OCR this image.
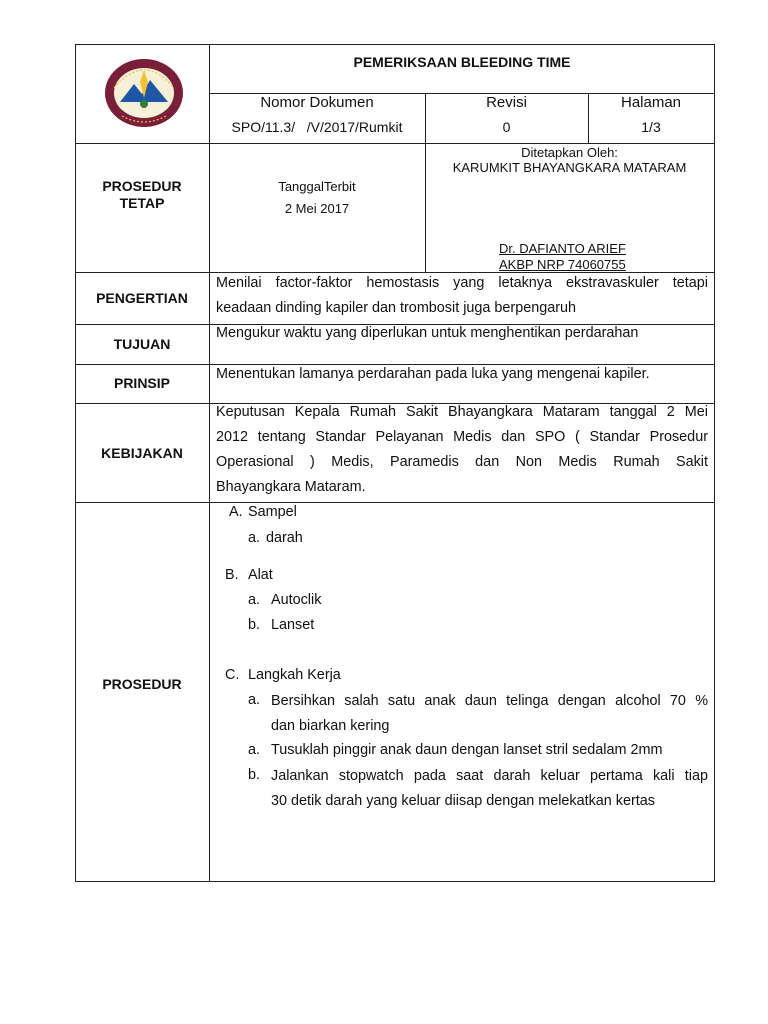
PEMERIKSAAN BLEEDING TIME
Nomor Dokumen
SPO/11.3/   /V/2017/Rumkit
Revisi
0
Halaman
1/3
PROSEDUR
TETAP
TanggalTerbit
2 Mei 2017
Ditetapkan Oleh:
KARUMKIT BHAYANGKARA MATARAM
Dr. DAFIANTO ARIEF
AKBP NRP 74060755
PENGERTIAN
Menilai factor-faktor hemostasis yang letaknya ekstravaskuler tetapi
keadaan dinding kapiler dan trombosit juga berpengaruh
TUJUAN
Mengukur waktu yang diperlukan untuk menghentikan perdarahan
PRINSIP
Menentukan lamanya perdarahan pada luka yang mengenai kapiler.
KEBIJAKAN
Keputusan Kepala Rumah Sakit Bhayangkara Mataram tanggal 2 Mei
2012 tentang Standar Pelayanan Medis dan SPO ( Standar Prosedur
Operasional ) Medis, Paramedis dan Non Medis Rumah Sakit
Bhayangkara Mataram.
PROSEDUR
A. Sampel
a. darah
B. Alat
a. Autoclik
b. Lanset
C. Langkah Kerja
a. Bersihkan salah satu anak daun telinga dengan alcohol 70 %
dan biarkan kering
a. Tusuklah pinggir anak daun dengan lanset stril sedalam 2mm
b. Jalankan stopwatch pada saat darah keluar pertama kali tiap
30 detik darah yang keluar diisap dengan melekatkan kertas
